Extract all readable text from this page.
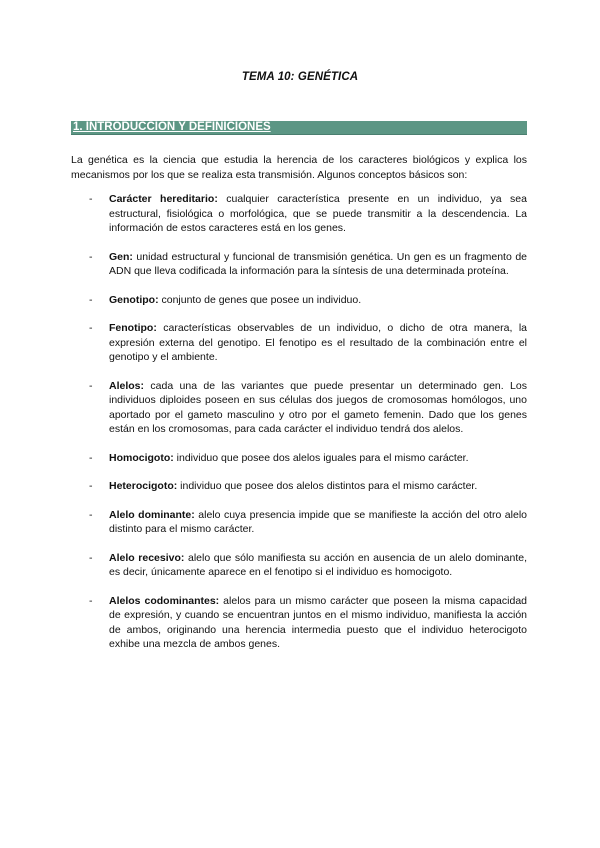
TEMA 10: GENÉTICA
1. INTRODUCCIÓN Y DEFINICIONES
La genética es la ciencia que estudia la herencia de los caracteres biológicos y explica los mecanismos por los que se realiza esta transmisión. Algunos conceptos básicos son:
- Carácter hereditario: cualquier característica presente en un individuo, ya sea estructural, fisiológica o morfológica, que se puede transmitir a la descendencia. La información de estos caracteres está en los genes.
- Gen: unidad estructural y funcional de transmisión genética. Un gen es un fragmento de ADN que lleva codificada la información para la síntesis de una determinada proteína.
- Genotipo: conjunto de genes que posee un individuo.
- Fenotipo: características observables de un individuo, o dicho de otra manera, la expresión externa del genotipo. El fenotipo es el resultado de la combinación entre el genotipo y el ambiente.
- Alelos: cada una de las variantes que puede presentar un determinado gen. Los individuos diploides poseen en sus células dos juegos de cromosomas homólogos, uno aportado por el gameto masculino y otro por el gameto femenin. Dado que los genes están en los cromosomas, para cada carácter el individuo tendrá dos alelos.
- Homocigoto: individuo que posee dos alelos iguales para el mismo carácter.
- Heterocigoto: individuo que posee dos alelos distintos para el mismo carácter.
- Alelo dominante: alelo cuya presencia impide que se manifieste la acción del otro alelo distinto para el mismo carácter.
- Alelo recesivo: alelo que sólo manifiesta su acción en ausencia de un alelo dominante, es decir, únicamente aparece en el fenotipo si el individuo es homocigoto.
- Alelos codominantes: alelos para un mismo carácter que poseen la misma capacidad de expresión, y cuando se encuentran juntos en el mismo individuo, manifiesta la acción de ambos, originando una herencia intermedia puesto que el individuo heterocigoto exhibe una mezcla de ambos genes.
